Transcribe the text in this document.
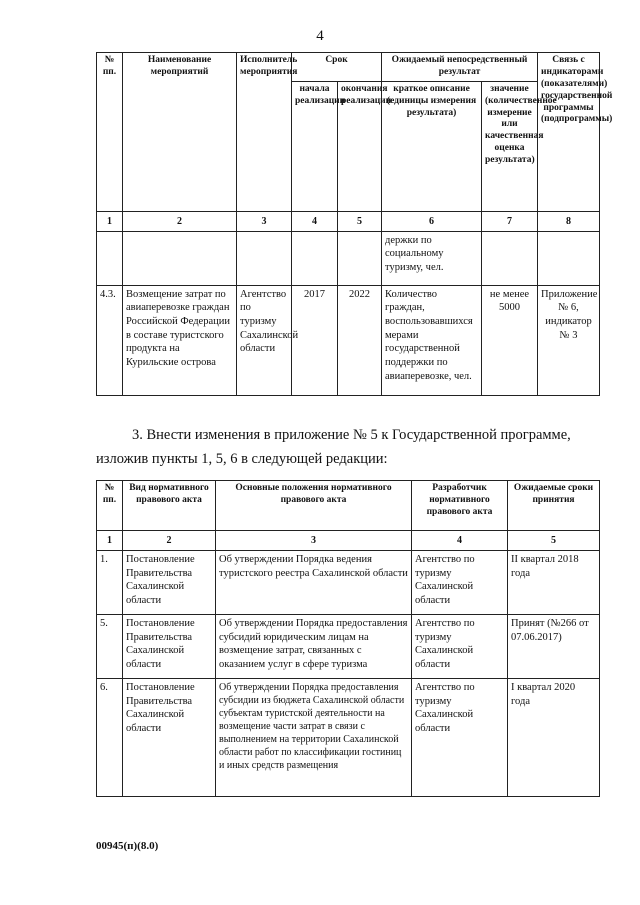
4
№ пп.	Наименование мероприятий	Исполнитель мероприятия	Срок		Ожидаемый непосредственный результат		Связь с индикаторами (показателями) государственной программы (подпрограммы)
			начала реализации	окончания реализации	краткое описание (единицы измерения результата)	значение (количественное измерение или качественная оценка результата)	
1	2	3	4	5	6	7	8
					держки по социальному туризму, чел.		
4.3.	Возмещение затрат по авиаперевозке граждан Российской Федерации в составе туристского продукта на Курильские острова	Агентство по туризму Сахалинской области	2017	2022	Количество граждан, воспользовавшихся мерами государственной поддержки по авиаперевозке, чел.	не менее 5000	Приложение № 6, индикатор № 3
3. Внести изменения в приложение № 5 к Государственной программе,
изложив пункты 1, 5, 6 в следующей редакции:
№ пп.	Вид нормативного правового акта	Основные положения нормативного правового акта	Разработчик нормативного правового акта	Ожидаемые сроки принятия
1	2	3	4	5
1.	Постановление Правительства Сахалинской области	Об утверждении Порядка ведения туристского реестра Сахалинской области	Агентство по туризму Сахалинской области	II квартал 2018 года
5.	Постановление Правительства Сахалинской области	Об утверждении Порядка предоставления субсидий юридическим лицам на возмещение затрат, связанных с оказанием услуг в сфере туризма	Агентство по туризму Сахалинской области	Принят (№266 от 07.06.2017)
6.	Постановление Правительства Сахалинской области	Об утверждении Порядка предоставления субсидии из бюджета Сахалинской области субъектам туристской деятельности на возмещение части затрат в связи с выполнением на территории Сахалинской области работ по классификации гостиниц и иных средств размещения	Агентство по туризму Сахалинской области	I квартал 2020 года
00945(п)(8.0)
